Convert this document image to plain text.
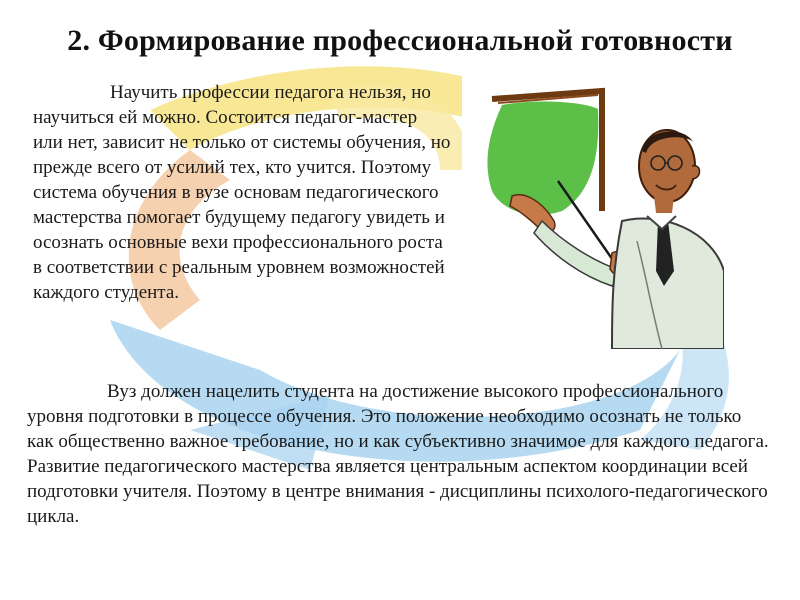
2. Формирование профессиональной готовности
Научить профессии педагога нельзя, но научиться ей можно. Состоится педагог-мастер или нет, зависит не только от системы обучения, но прежде всего от усилий тех, кто учится. Поэтому система обучения в вузе основам педагогического мастерства помогает будущему педагогу увидеть и осознать основные вехи профессионального роста в соответствии с реальным уровнем возможностей каждого студента.
Вуз должен нацелить студента на достижение высокого профессионального уровня подготовки в процессе обучения. Это положение необходимо осознать не только как общественно важное требование, но и как субъективно значимое для каждого педагога. Развитие педагогического мастерства является центральным аспектом координации всей подготовки учителя. Поэтому в центре внимания - дисциплины психолого-педагогического цикла.
